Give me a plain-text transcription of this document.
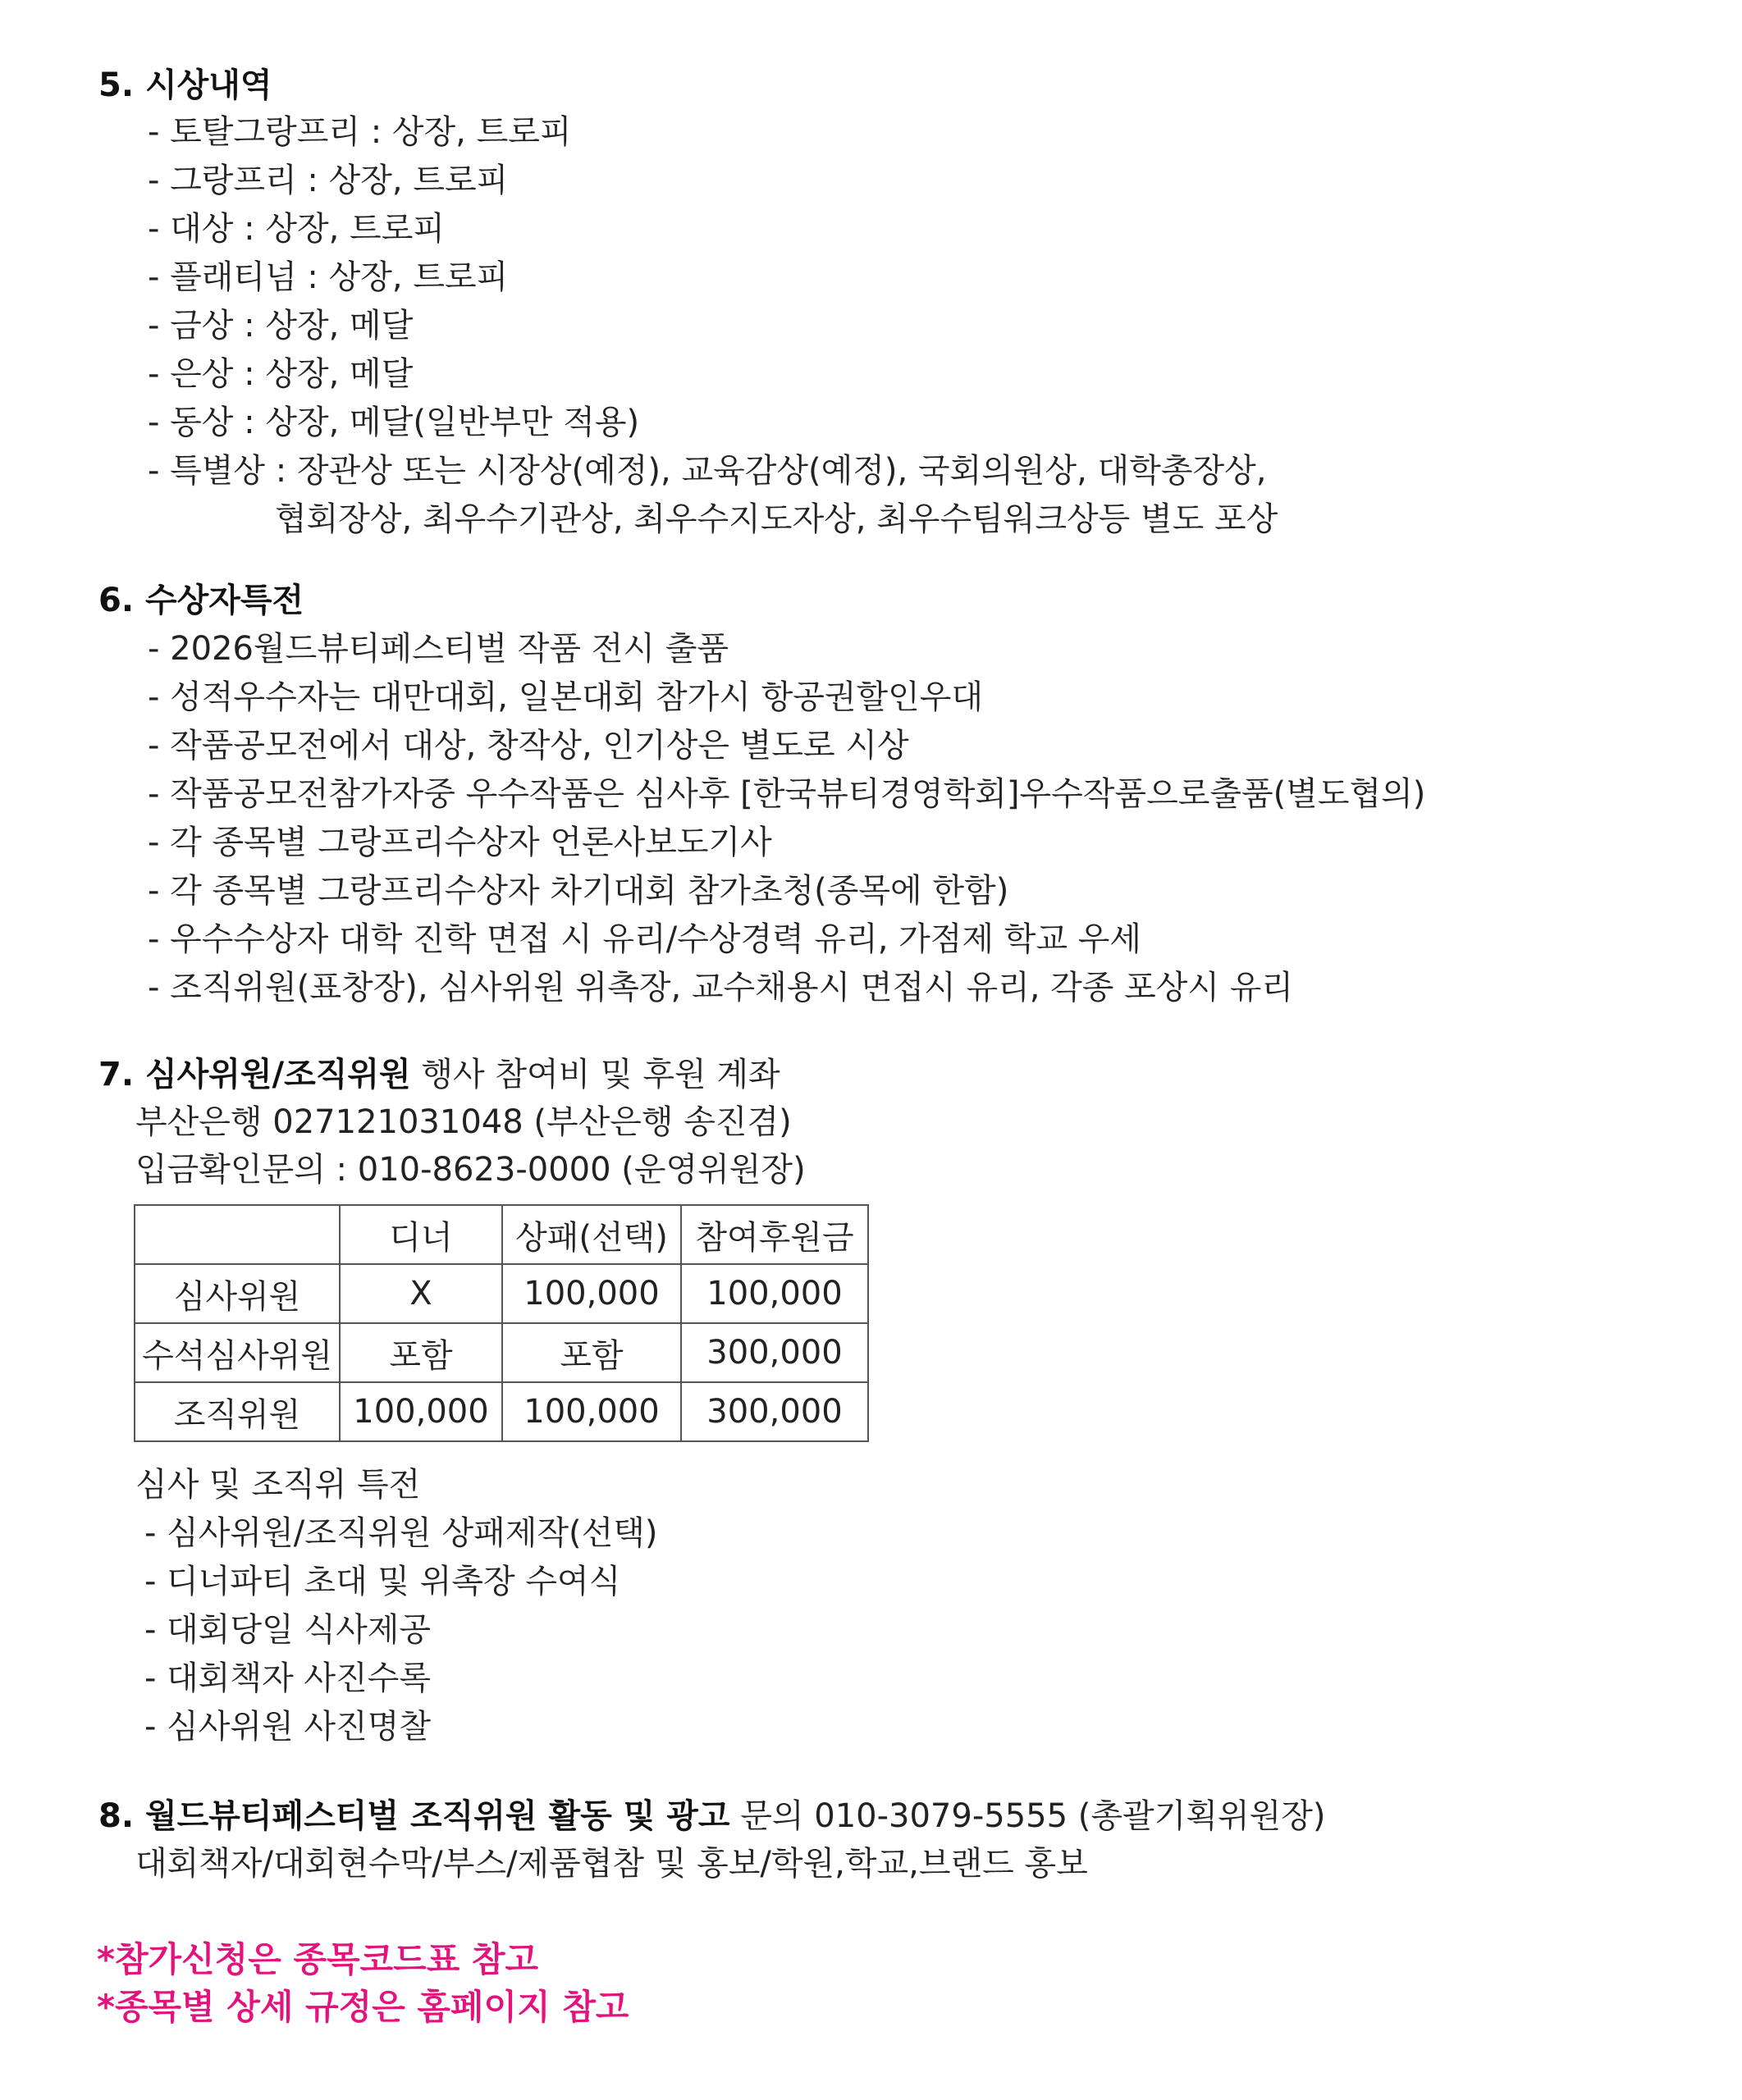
5. 시상내역
- 토탈그랑프리 : 상장, 트로피
- 그랑프리 : 상장, 트로피
- 대상 : 상장, 트로피
- 플래티넘 : 상장, 트로피
- 금상 : 상장, 메달
- 은상 : 상장, 메달
- 동상 : 상장, 메달(일반부만 적용)
- 특별상 : 장관상 또는 시장상(예정), 교육감상(예정), 국회의원상, 대학총장상,
협회장상, 최우수기관상, 최우수지도자상, 최우수팀워크상등 별도 포상
6. 수상자특전
- 2026월드뷰티페스티벌 작품 전시 출품
- 성적우수자는 대만대회, 일본대회 참가시 항공권할인우대
- 작품공모전에서 대상, 창작상, 인기상은 별도로 시상
- 작품공모전참가자중 우수작품은 심사후 [한국뷰티경영학회]우수작품으로출품(별도협의)
- 각 종목별 그랑프리수상자 언론사보도기사
- 각 종목별 그랑프리수상자 차기대회 참가초청(종목에 한함)
- 우수수상자 대학 진학 면접 시 유리/수상경력 유리, 가점제 학교 우세
- 조직위원(표창장), 심사위원 위촉장, 교수채용시 면접시 유리, 각종 포상시 유리
7. 심사위원/조직위원 행사 참여비 및 후원 계좌
부산은행 027121031048 (부산은행 송진겸)
입금확인문의 : 010-8623-0000 (운영위원장)
	디너	상패(선택)	참여후원금
심사위원	X	100,000	100,000
수석심사위원	포함	포함	300,000
조직위원	100,000	100,000	300,000
심사 및 조직위 특전
- 심사위원/조직위원 상패제작(선택)
- 디너파티 초대 및 위촉장 수여식
- 대회당일 식사제공
- 대회책자 사진수록
- 심사위원 사진명찰
8. 월드뷰티페스티벌 조직위원 활동 및 광고 문의 010-3079-5555 (총괄기획위원장)
대회책자/대회현수막/부스/제품협참 및 홍보/학원,학교,브랜드 홍보
*참가신청은 종목코드표 참고
*종목별 상세 규정은 홈페이지 참고
